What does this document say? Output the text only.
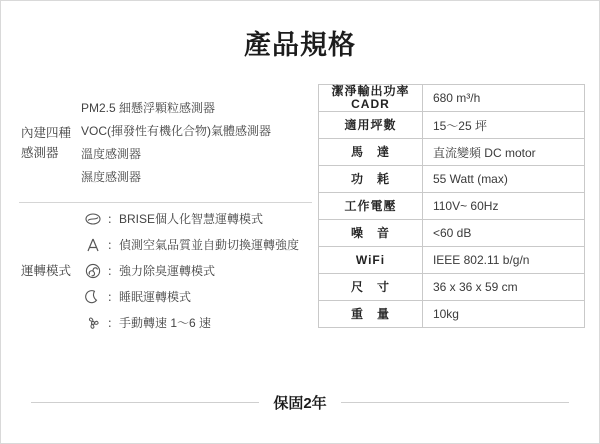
產品規格
內建四種
感測器
PM2.5 細懸浮顆粒感測器
VOC(揮發性有機化合物)氣體感測器
溫度感測器
濕度感測器
運轉模式
：BRISE個人化智慧運轉模式
：偵測空氣品質並自動切換運轉強度
：強力除臭運轉模式
：睡眠運轉模式
：手動轉速 1～6 速
潔淨輸出功率
CADR	680 m³/h
適用坪數	15～25 坪
馬　達	直流變頻 DC motor
功　耗	55 Watt (max)
工作電壓	110V~ 60Hz
噪　音	<60 dB
WiFi	IEEE 802.11 b/g/n
尺　寸	36 x 36 x 59 cm
重　量	10kg
保固2年
